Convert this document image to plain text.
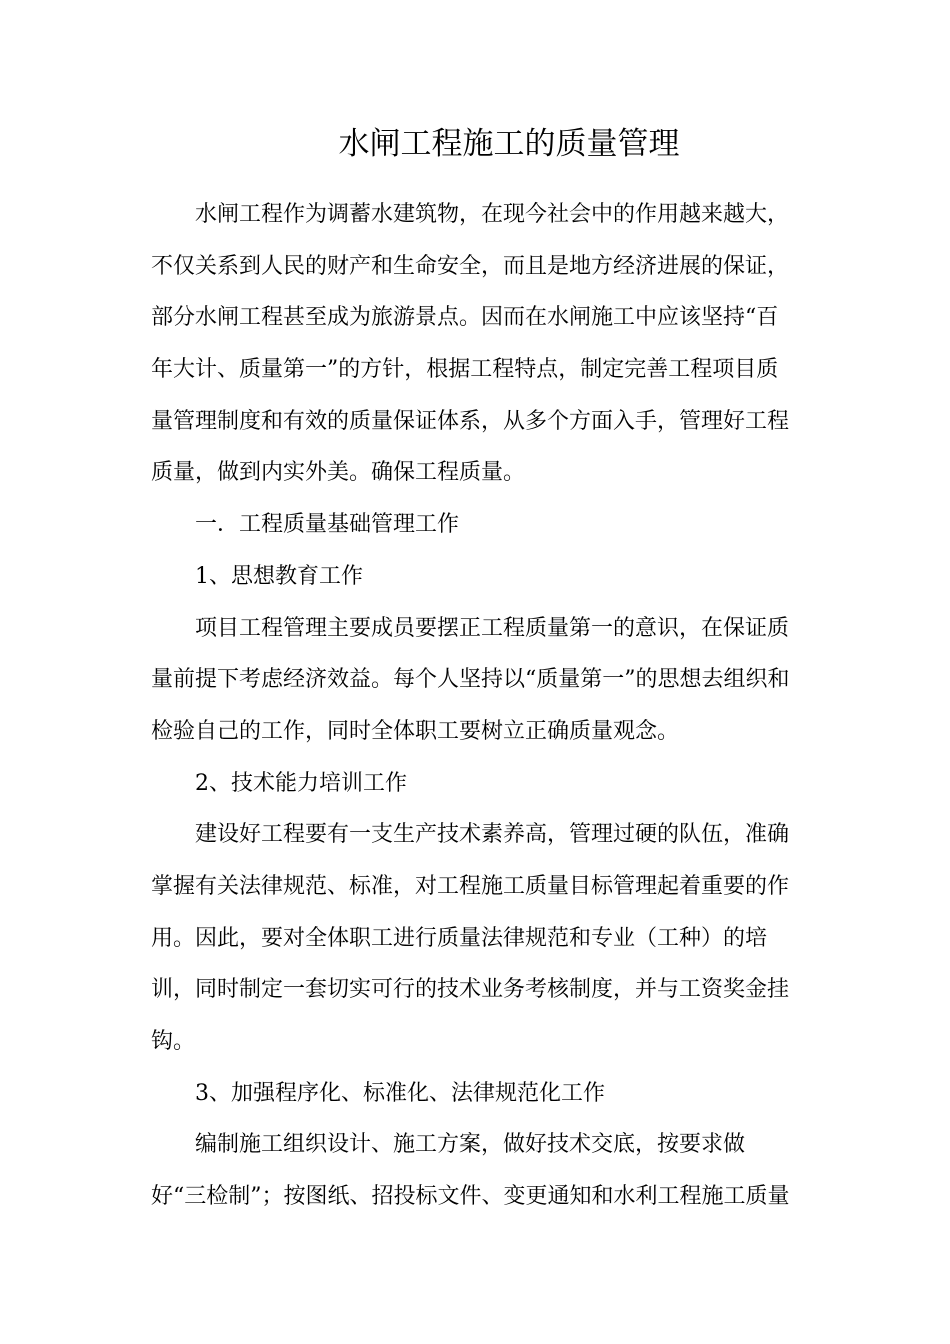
水闸工程施工的质量管理
水闸工程作为调蓄水建筑物，在现今社会中的作用越来越大，
不仅关系到人民的财产和生命安全，而且是地方经济进展的保证，
部分水闸工程甚至成为旅游景点。因而在水闸施工中应该坚持“百
年大计、质量第一”的方针，根据工程特点，制定完善工程项目质
量管理制度和有效的质量保证体系，从多个方面入手，管理好工程
质量，做到内实外美。确保工程质量。
一．工程质量基础管理工作
1、思想教育工作
项目工程管理主要成员要摆正工程质量第一的意识，在保证质
量前提下考虑经济效益。每个人坚持以“质量第一”的思想去组织和
检验自己的工作，同时全体职工要树立正确质量观念。
2、技术能力培训工作
建设好工程要有一支生产技术素养高，管理过硬的队伍，准确
掌握有关法律规范、标准，对工程施工质量目标管理起着重要的作
用。因此，要对全体职工进行质量法律规范和专业（工种）的培
训，同时制定一套切实可行的技术业务考核制度，并与工资奖金挂
钩。
3、加强程序化、标准化、法律规范化工作
编制施工组织设计、施工方案，做好技术交底，按要求做
好“三检制”；按图纸、招投标文件、变更通知和水利工程施工质量
